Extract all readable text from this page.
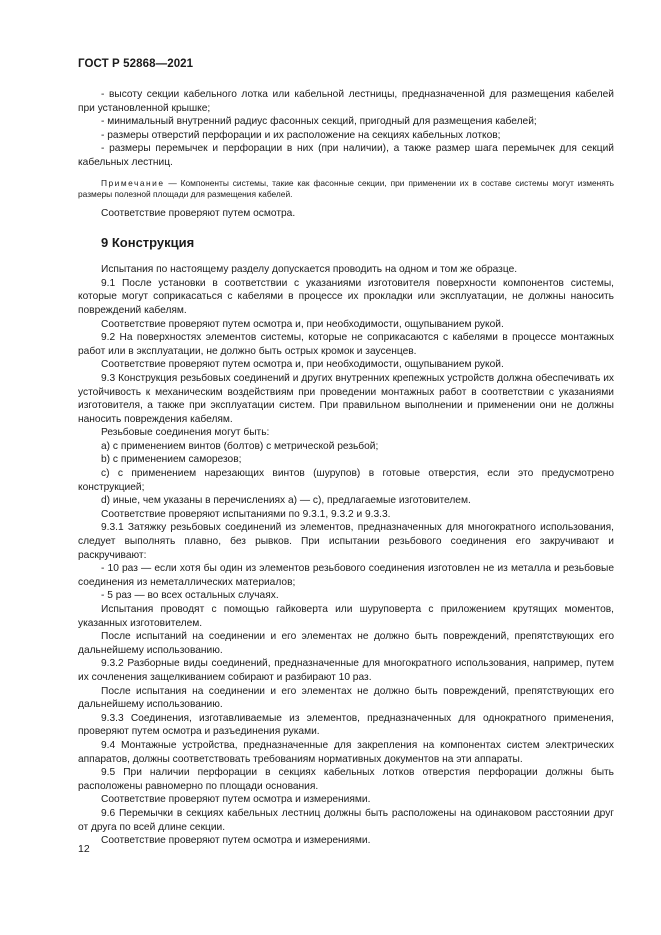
ГОСТ Р 52868—2021

- высоту секции кабельного лотка или кабельной лестницы, предназначенной для размещения кабелей при установленной крышке;

- минимальный внутренний радиус фасонных секций, пригодный для размещения кабелей;

- размеры отверстий перфорации и их расположение на секциях кабельных лотков;

- размеры перемычек и перфорации в них (при наличии), а также размер шага перемычек для секций кабельных лестниц.

Примечание — Компоненты системы, такие как фасонные секции, при применении их в составе системы могут изменять размеры полезной площади для размещения кабелей.

Соответствие проверяют путем осмотра.

9 Конструкция

Испытания по настоящему разделу допускается проводить на одном и том же образце.

9.1 После установки в соответствии с указаниями изготовителя поверхности компонентов системы, которые могут соприкасаться с кабелями в процессе их прокладки или эксплуатации, не должны наносить повреждений кабелям.

Соответствие проверяют путем осмотра и, при необходимости, ощупыванием рукой.

9.2 На поверхностях элементов системы, которые не соприкасаются с кабелями в процессе монтажных работ или в эксплуатации, не должно быть острых кромок и заусенцев.

Соответствие проверяют путем осмотра и, при необходимости, ощупыванием рукой.

9.3 Конструкция резьбовых соединений и других внутренних крепежных устройств должна обеспечивать их устойчивость к механическим воздействиям при проведении монтажных работ в соответствии с указаниями изготовителя, а также при эксплуатации систем. При правильном выполнении и применении они не должны наносить повреждения кабелям.

Резьбовые соединения могут быть:

a) с применением винтов (болтов) с метрической резьбой;

b) с применением саморезов;

c) с применением нарезающих винтов (шурупов) в готовые отверстия, если это предусмотрено конструкцией;

d) иные, чем указаны в перечислениях a) — c), предлагаемые изготовителем.

Соответствие проверяют испытаниями по 9.3.1, 9.3.2 и 9.3.3.

9.3.1 Затяжку резьбовых соединений из элементов, предназначенных для многократного использования, следует выполнять плавно, без рывков. При испытании резьбового соединения его закручивают и раскручивают:

- 10 раз — если хотя бы один из элементов резьбового соединения изготовлен не из металла и резьбовые соединения из неметаллических материалов;

- 5 раз — во всех остальных случаях.

Испытания проводят с помощью гайковерта или шуруповерта с приложением крутящих моментов, указанных изготовителем.

После испытаний на соединении и его элементах не должно быть повреждений, препятствующих его дальнейшему использованию.

9.3.2 Разборные виды соединений, предназначенные для многократного использования, например, путем их сочленения защелкиванием собирают и разбирают 10 раз.

После испытания на соединении и его элементах не должно быть повреждений, препятствующих его дальнейшему использованию.

9.3.3 Соединения, изготавливаемые из элементов, предназначенных для однократного применения, проверяют путем осмотра и разъединения руками.

9.4 Монтажные устройства, предназначенные для закрепления на компонентах систем электрических аппаратов, должны соответствовать требованиям нормативных документов на эти аппараты.

9.5 При наличии перфорации в секциях кабельных лотков отверстия перфорации должны быть расположены равномерно по площади основания.

Соответствие проверяют путем осмотра и измерениями.

9.6 Перемычки в секциях кабельных лестниц должны быть расположены на одинаковом расстоянии друг от друга по всей длине секции.

Соответствие проверяют путем осмотра и измерениями.

12
